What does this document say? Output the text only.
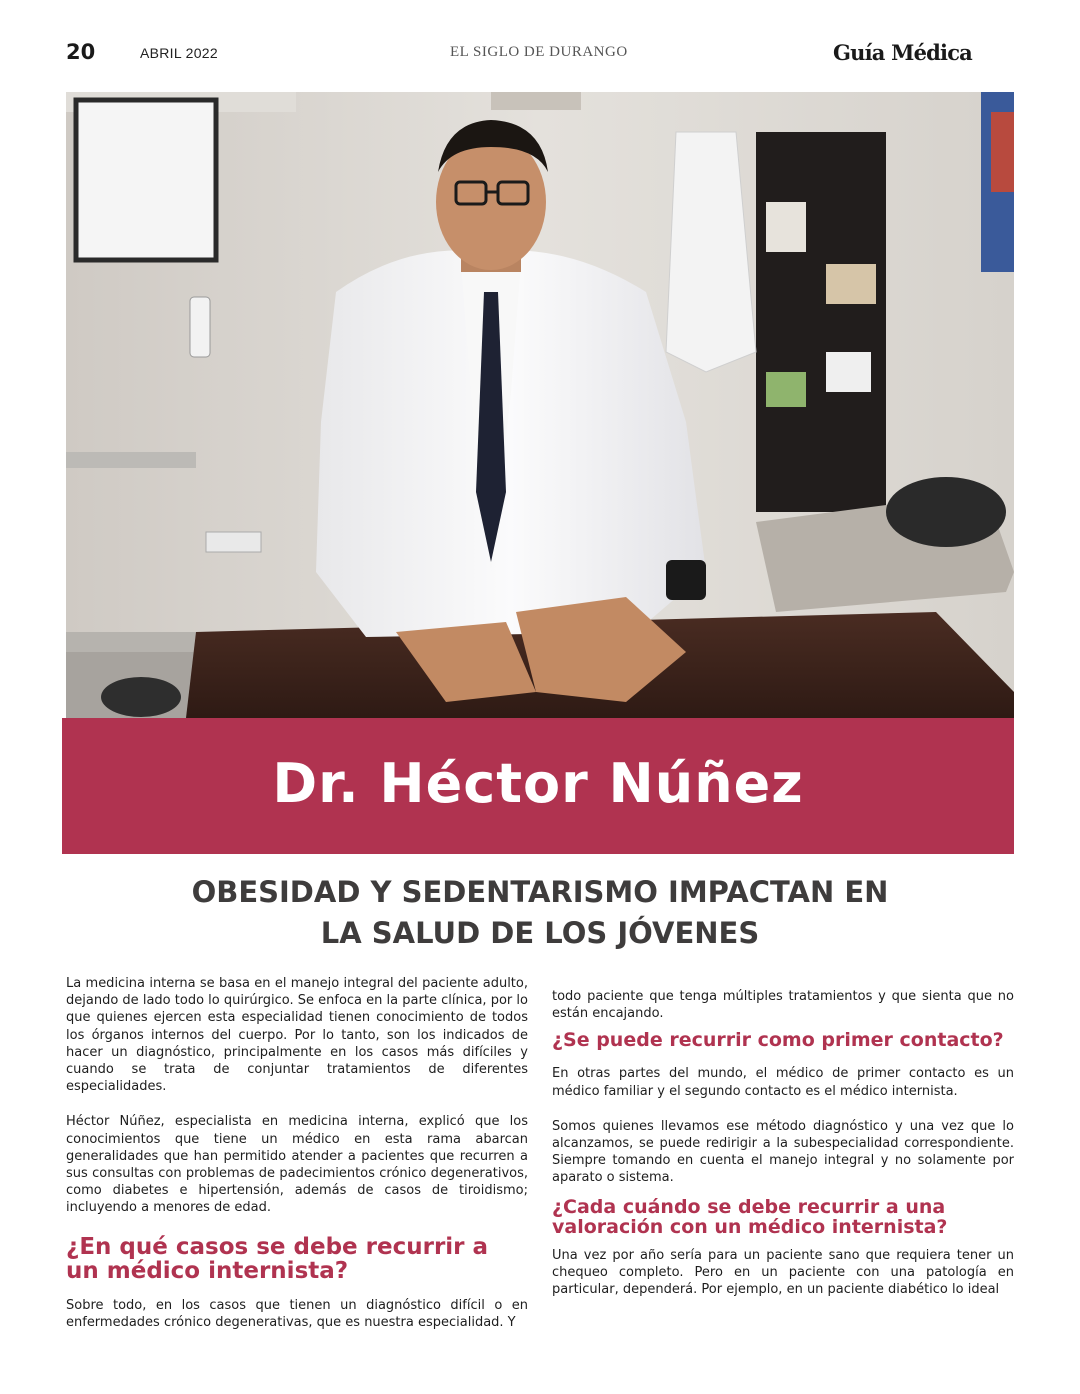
20	ABRIL 2022	EL SIGLO DE DURANGO	Guía Médica
Dr. Héctor Núñez
OBESIDAD Y SEDENTARISMO IMPACTAN EN
LA SALUD DE LOS JÓVENES

La medicina interna se basa en el manejo integral del paciente adulto, dejando de lado todo lo quirúrgico. Se enfoca en la parte clínica, por lo que quienes ejercen esta especialidad tienen conocimiento de todos los órganos internos del cuerpo. Por lo tanto, son los indicados de hacer un diagnóstico, principalmente en los casos más difíciles y cuando se trata de conjuntar tratamientos de diferentes especialidades.

Héctor Núñez, especialista en medicina interna, explicó que los conocimientos que tiene un médico en esta rama abarcan generalidades que han permitido atender a pacientes que recurren a sus consultas con problemas de padecimientos crónico degenerativos, como diabetes e hipertensión, además de casos de tiroidismo; incluyendo a menores de edad.

¿En qué casos se debe recurrir a un médico internista?

Sobre todo, en los casos que tienen un diagnóstico difícil o en enfermedades crónico degenerativas, que es nuestra especialidad. Y

todo paciente que tenga múltiples tratamientos y que sienta que no están encajando.

¿Se puede recurrir como primer contacto?

En otras partes del mundo, el médico de primer contacto es un médico familiar y el segundo contacto es el médico internista.

Somos quienes llevamos ese método diagnóstico y una vez que lo alcanzamos, se puede redirigir a la subespecialidad correspondiente. Siempre tomando en cuenta el manejo integral y no solamente por aparato o sistema.

¿Cada cuándo se debe recurrir a una valoración con un médico internista?

Una vez por año sería para un paciente sano que requiera tener un chequeo completo. Pero en un paciente con una patología en particular, dependerá. Por ejemplo, en un paciente diabético lo ideal
